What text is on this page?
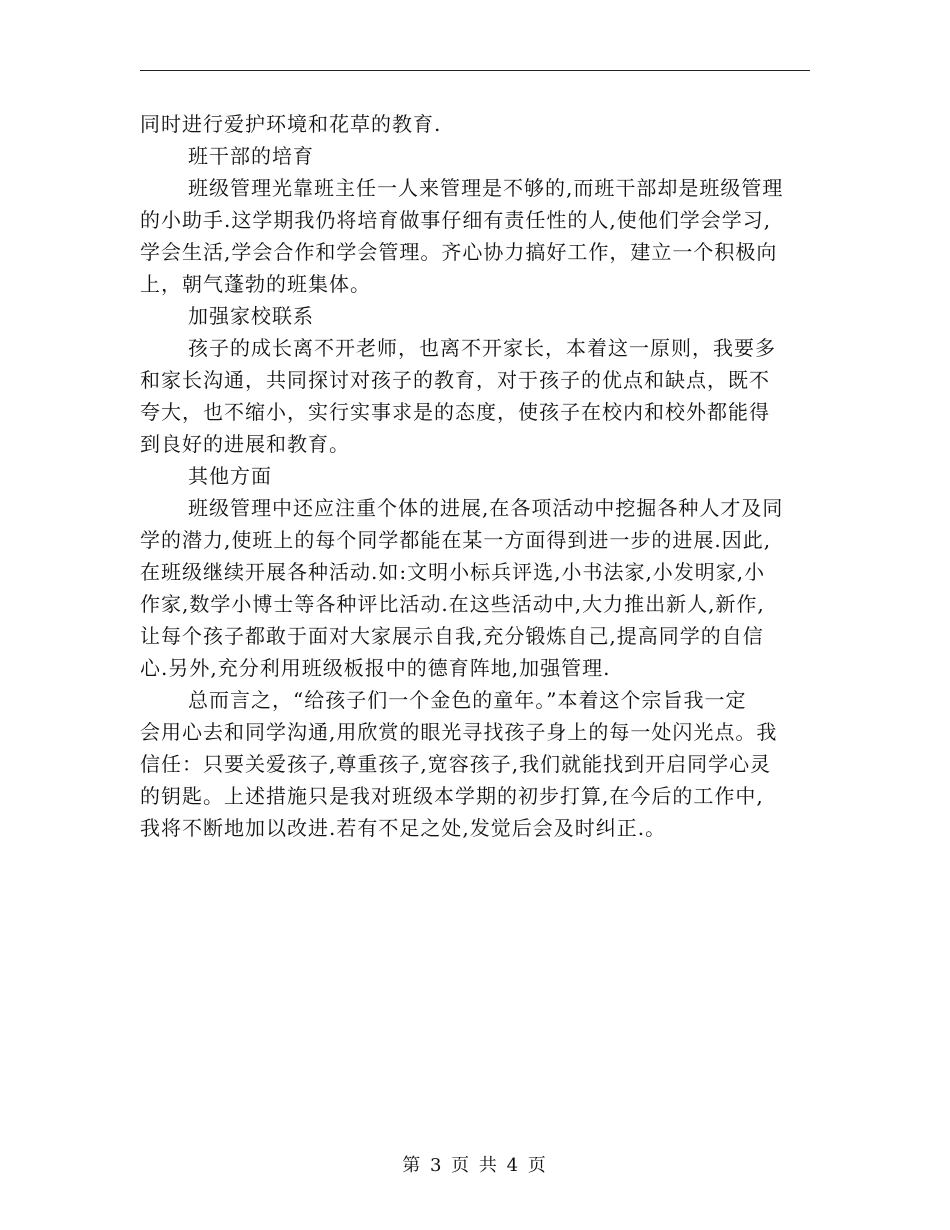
同时进行爱护环境和花草的教育.
班干部的培育
班级管理光靠班主任一人来管理是不够的,而班干部却是班级管理
的小助手.这学期我仍将培育做事仔细有责任性的人,使他们学会学习,
学会生活,学会合作和学会管理。齐心协力搞好工作，建立一个积极向
上，朝气蓬勃的班集体。
加强家校联系
孩子的成长离不开老师，也离不开家长，本着这一原则，我要多
和家长沟通，共同探讨对孩子的教育，对于孩子的优点和缺点，既不
夸大，也不缩小，实行实事求是的态度，使孩子在校内和校外都能得
到良好的进展和教育。
其他方面
班级管理中还应注重个体的进展,在各项活动中挖掘各种人才及同
学的潜力,使班上的每个同学都能在某一方面得到进一步的进展.因此,
在班级继续开展各种活动.如:文明小标兵评选,小书法家,小发明家,小
作家,数学小博士等各种评比活动.在这些活动中,大力推出新人,新作,
让每个孩子都敢于面对大家展示自我,充分锻炼自己,提高同学的自信
心.另外,充分利用班级板报中的德育阵地,加强管理.
总而言之，“给孩子们一个金色的童年。”本着这个宗旨我一定
会用心去和同学沟通,用欣赏的眼光寻找孩子身上的每一处闪光点。我
信任：只要关爱孩子,尊重孩子,宽容孩子,我们就能找到开启同学心灵
的钥匙。上述措施只是我对班级本学期的初步打算,在今后的工作中,
我将不断地加以改进.若有不足之处,发觉后会及时纠正.。
第 3 页 共 4 页
